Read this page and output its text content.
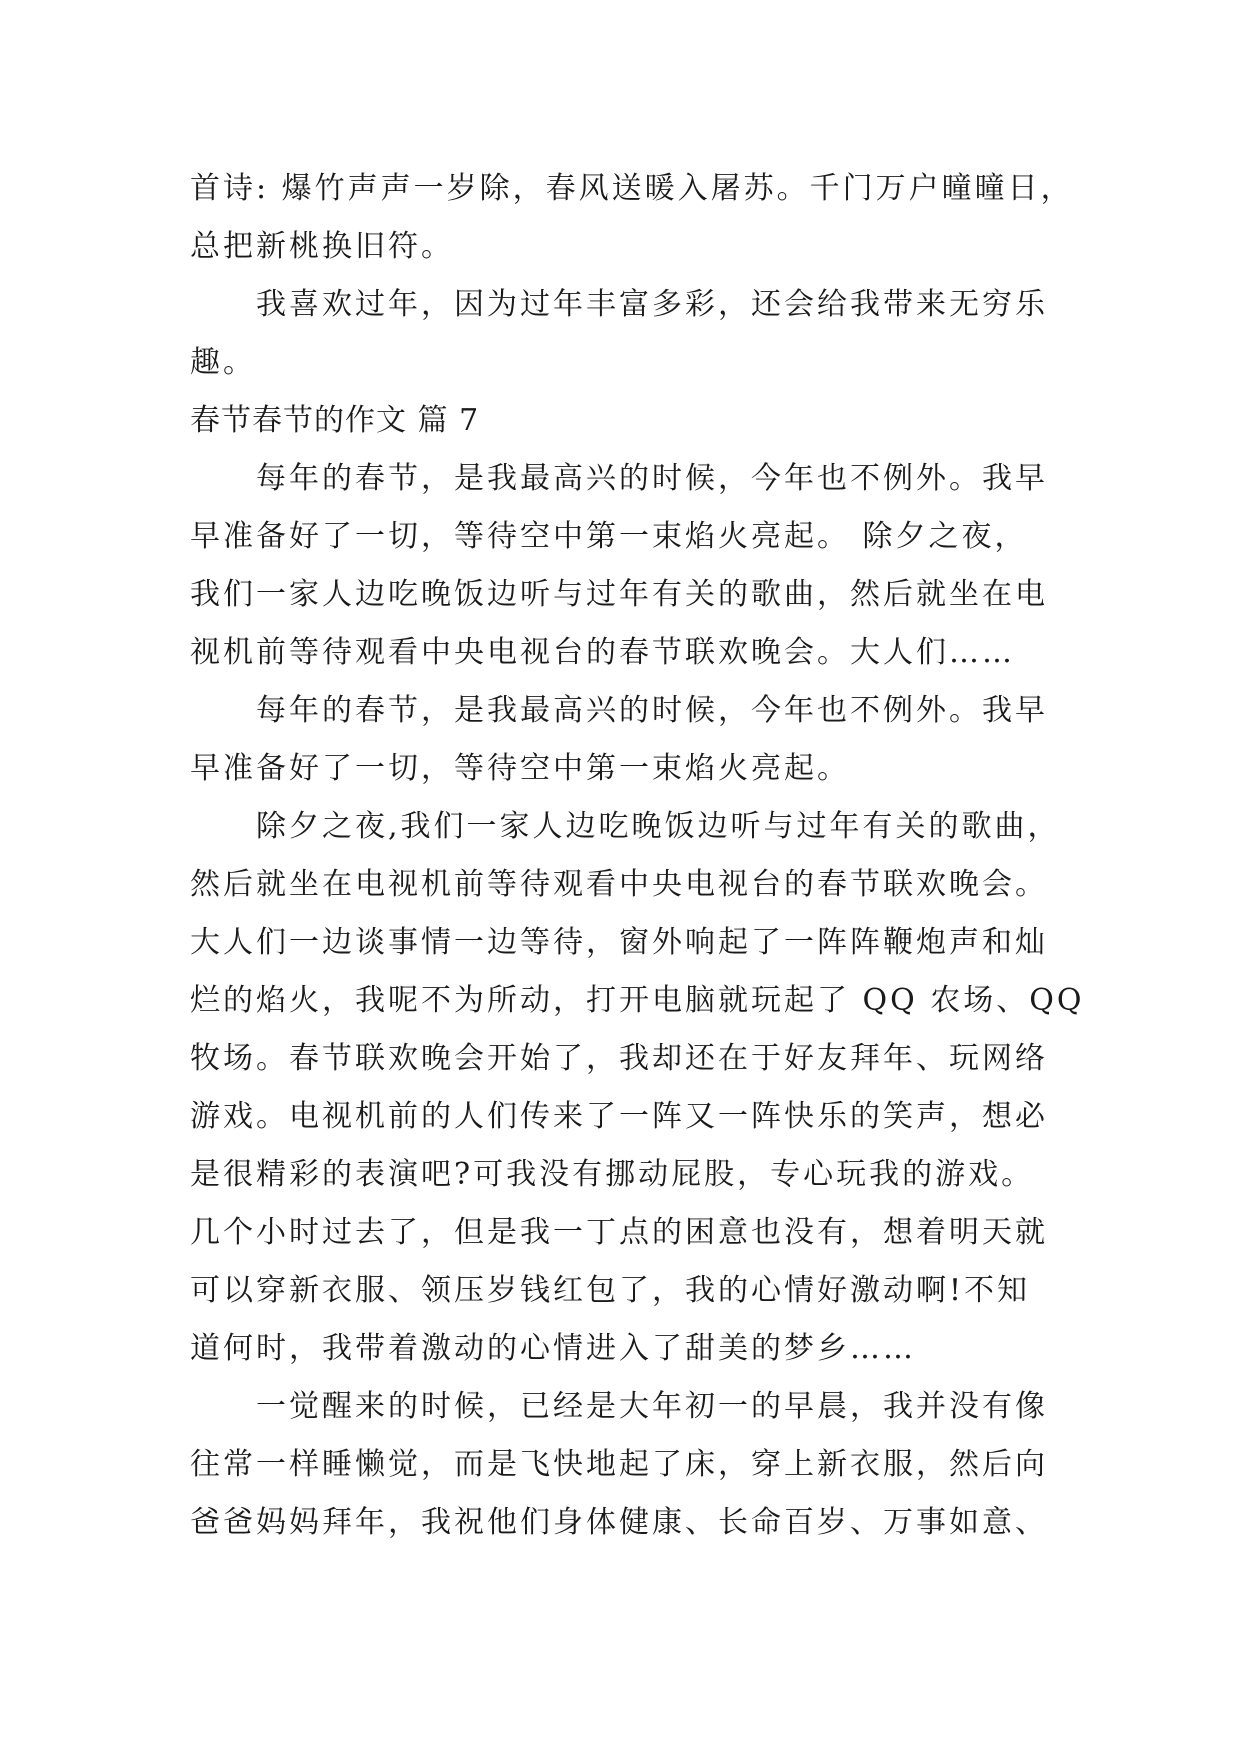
首诗: 爆竹声声一岁除，春风送暖入屠苏。千门万户曈曈日，
总把新桃换旧符。
我喜欢过年，因为过年丰富多彩，还会给我带来无穷乐
趣。
春节春节的作文 篇 7
每年的春节，是我最高兴的时候，今年也不例外。我早
早准备好了一切，等待空中第一束焰火亮起。 除夕之夜，
我们一家人边吃晚饭边听与过年有关的歌曲，然后就坐在电
视机前等待观看中央电视台的春节联欢晚会。大人们……
每年的春节，是我最高兴的时候，今年也不例外。我早
早准备好了一切，等待空中第一束焰火亮起。
除夕之夜,我们一家人边吃晚饭边听与过年有关的歌曲，
然后就坐在电视机前等待观看中央电视台的春节联欢晚会。
大人们一边谈事情一边等待，窗外响起了一阵阵鞭炮声和灿
烂的焰火，我呢不为所动，打开电脑就玩起了 QQ 农场、QQ
牧场。春节联欢晚会开始了，我却还在于好友拜年、玩网络
游戏。电视机前的人们传来了一阵又一阵快乐的笑声，想必
是很精彩的表演吧?可我没有挪动屁股，专心玩我的游戏。
几个小时过去了，但是我一丁点的困意也没有，想着明天就
可以穿新衣服、领压岁钱红包了，我的心情好激动啊!不知
道何时，我带着激动的心情进入了甜美的梦乡……
一觉醒来的时候，已经是大年初一的早晨，我并没有像
往常一样睡懒觉，而是飞快地起了床，穿上新衣服，然后向
爸爸妈妈拜年，我祝他们身体健康、长命百岁、万事如意、
